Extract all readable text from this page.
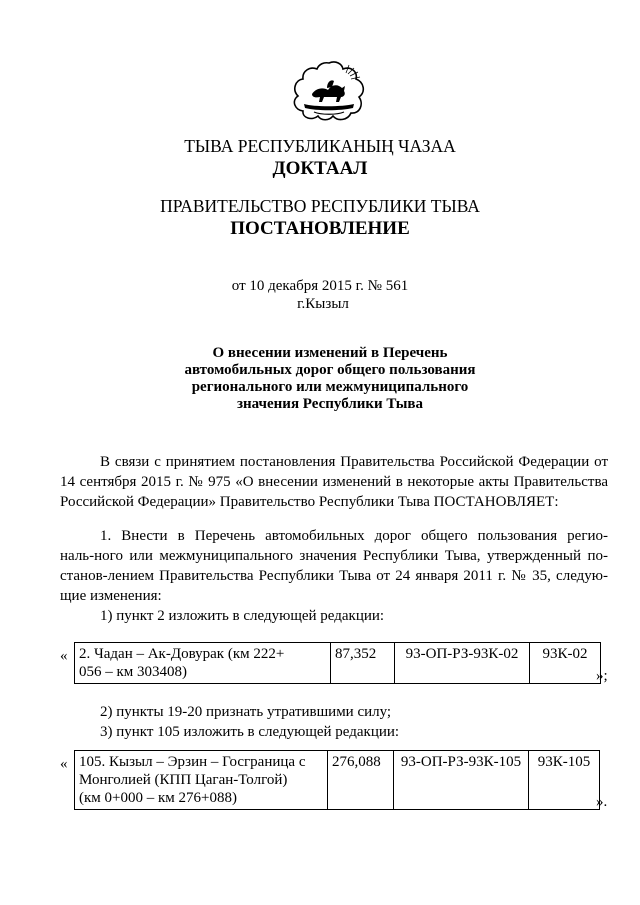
ТЫВА РЕСПУБЛИКАНЫҢ ЧАЗАА
ДОКТААЛ
ПРАВИТЕЛЬСТВО РЕСПУБЛИКИ ТЫВА
ПОСТАНОВЛЕНИЕ
от 10 декабря 2015 г. № 561
г.Кызыл
О внесении изменений в Перечень
автомобильных дорог общего пользования
регионального или межмуниципального
значения Республики Тыва
В связи с принятием постановления Правительства Российской Федерации от
14 сентября 2015 г. № 975 «О внесении изменений в некоторые акты Правительства
Российской Федерации» Правительство Республики Тыва ПОСТАНОВЛЯЕТ:
1. Внести в Перечень автомобильных дорог общего пользования регио-
наль-ного или межмуниципального значения Республики Тыва, утвержденный по-
станов-лением Правительства Республики Тыва от 24 января 2011 г. № 35, следую-
щие изменения:
1) пункт 2 изложить в следующей редакции:
« 2. Чадан – Ак-Довурак (км 222+
056 – км 303408)
	87,352	93-ОП-РЗ-93К-02	93К-02
»;
2) пункты 19-20 признать утратившими силу;
3) пункт 105 изложить в следующей редакции:
« 105. Кызыл – Эрзин – Госграница с
Монголией (КПП Цаган-Толгой)
(км 0+000 – км 276+088)
	276,088	93-ОП-РЗ-93К-105	93К-105
».
